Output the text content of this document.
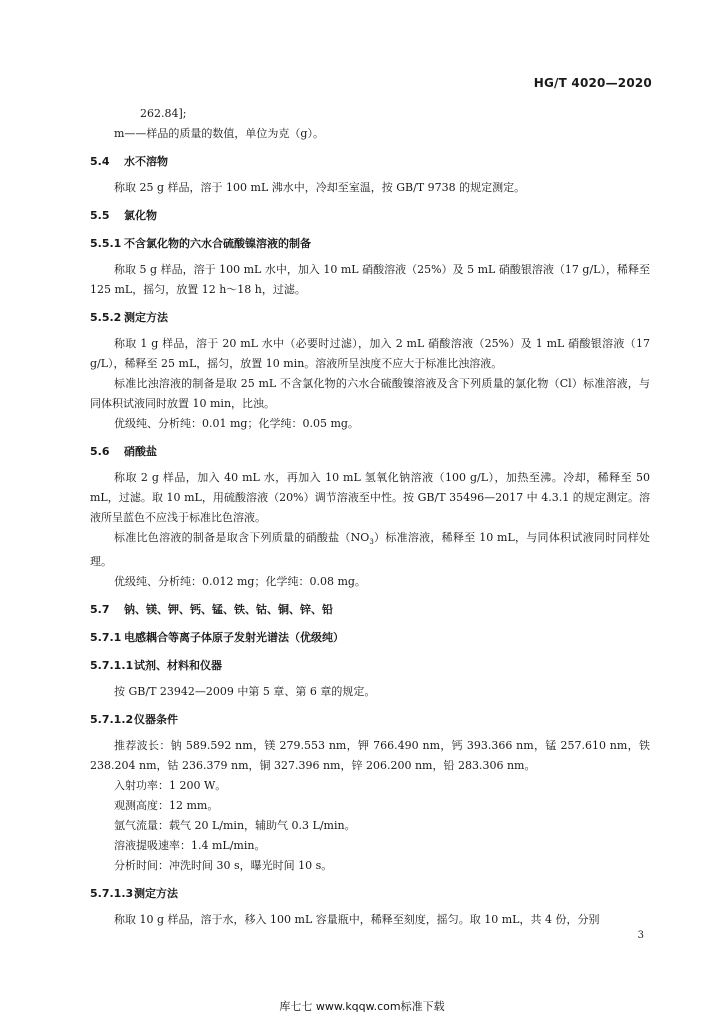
HG/T 4020—2020

262.84];

m——样品的质量的数值，单位为克（g）。

5.4 水不溶物

称取 25 g 样品，溶于 100 mL 沸水中，冷却至室温，按 GB/T 9738 的规定测定。

5.5 氯化物

5.5.1 不含氯化物的六水合硫酸镍溶液的制备

称取 5 g 样品，溶于 100 mL 水中，加入 10 mL 硝酸溶液（25%）及 5 mL 硝酸银溶液（17 g/L），稀释至 125 mL，摇匀，放置 12 h～18 h，过滤。

5.5.2 测定方法

称取 1 g 样品，溶于 20 mL 水中（必要时过滤），加入 2 mL 硝酸溶液（25%）及 1 mL 硝酸银溶液（17 g/L），稀释至 25 mL，摇匀，放置 10 min。溶液所呈浊度不应大于标准比浊溶液。

标准比浊溶液的制备是取 25 mL 不含氯化物的六水合硫酸镍溶液及含下列质量的氯化物（Cl）标准溶液，与同体积试液同时放置 10 min，比浊。

优级纯、分析纯：0.01 mg；化学纯：0.05 mg。

5.6 硝酸盐

称取 2 g 样品，加入 40 mL 水，再加入 10 mL 氢氧化钠溶液（100 g/L），加热至沸。冷却，稀释至 50 mL，过滤。取 10 mL，用硫酸溶液（20%）调节溶液至中性。按 GB/T 35496—2017 中 4.3.1 的规定测定。溶液所呈蓝色不应浅于标准比色溶液。

标准比色溶液的制备是取含下列质量的硝酸盐$(NO_3)$标准溶液，稀释至 10 mL，与同体积试液同时同样处理。

优级纯、分析纯：0.012 mg；化学纯：0.08 mg。

5.7 钠、镁、钾、钙、锰、铁、钴、铜、锌、铅

5.7.1 电感耦合等离子体原子发射光谱法（优级纯）

5.7.1.1试剂、材料和仪器

按 GB/T 23942—2009 中第 5 章、第 6 章的规定。

5.7.1.2仪器条件

推荐波长：钠 589.592 nm，镁 279.553 nm，钾 766.490 nm，钙 393.366 nm，锰 257.610 nm，铁 238.204 nm，钴 236.379 nm，铜 327.396 nm，锌 206.200 nm，铅 283.306 nm。

入射功率：1 200 W。

观测高度：12 mm。

氩气流量：载气 20 L/min，辅助气 0.3 L/min。

溶液提吸速率：1.4 mL/min。

分析时间：冲洗时间 30 s，曝光时间 10 s。

5.7.1.3测定方法

称取 10 g 样品，溶于水，移入 100 mL 容量瓶中，稀释至刻度，摇匀。取 10 mL，共 4 份，分别

3
库七七 www.kqqw.com标准下载
